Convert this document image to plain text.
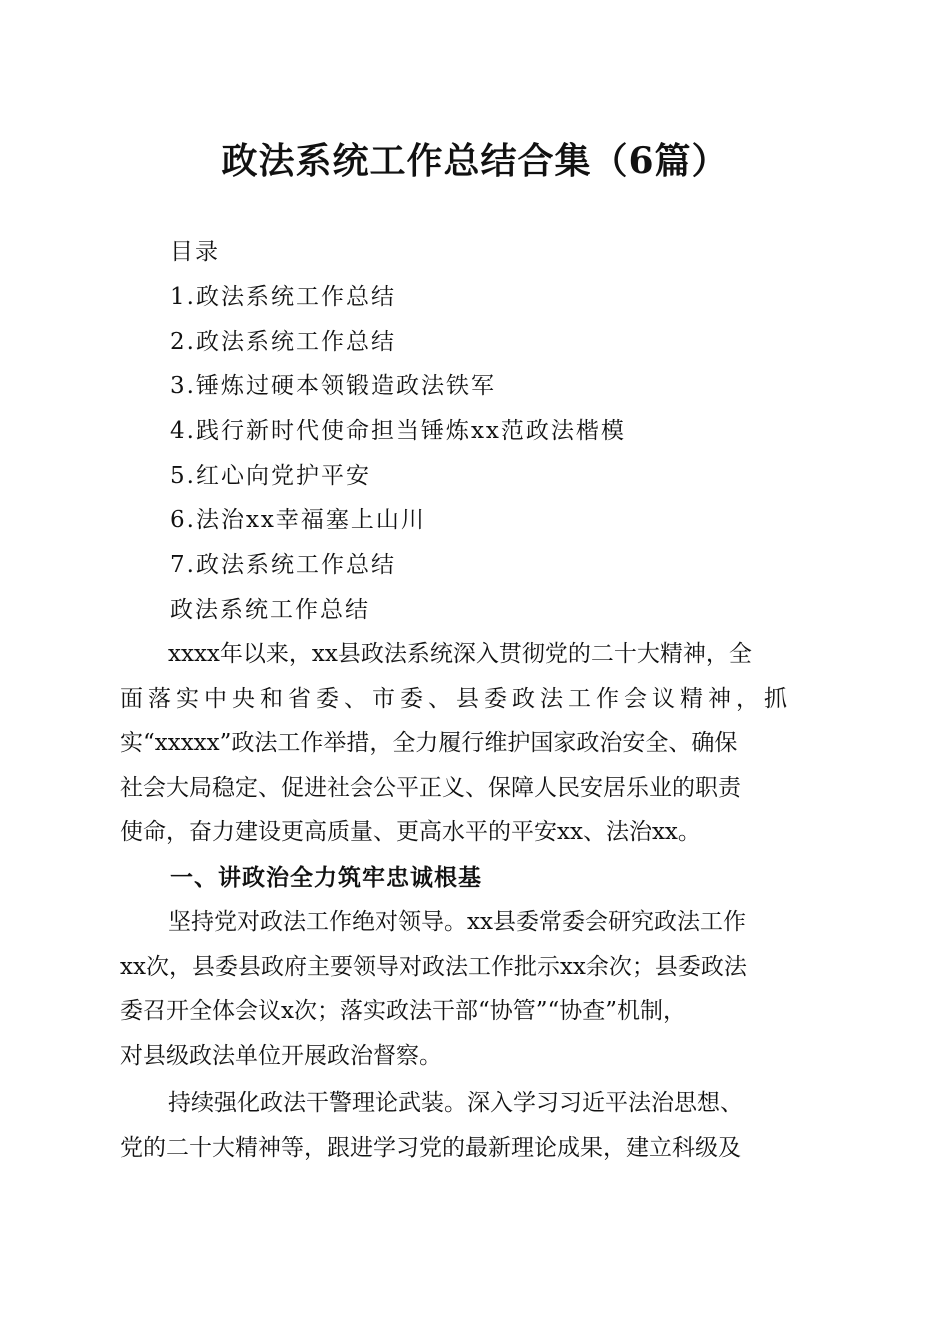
政法系统工作总结合集（6篇）
目录
1.政法系统工作总结
2.政法系统工作总结
3.锤炼过硬本领锻造政法铁军
4.践行新时代使命担当锤炼xx范政法楷模
5.红心向党护平安
6.法治xx幸福塞上山川
7.政法系统工作总结
政法系统工作总结
xxxx年以来，xx县政法系统深入贯彻党的二十大精神，全
面落实中央和省委、市委、县委政法工作会议精神，抓
实“xxxxx”政法工作举措，全力履行维护国家政治安全、确保
社会大局稳定、促进社会公平正义、保障人民安居乐业的职责
使命，奋力建设更高质量、更高水平的平安xx、法治xx。
一、讲政治全力筑牢忠诚根基
坚持党对政法工作绝对领导。xx县委常委会研究政法工作
xx次，县委县政府主要领导对政法工作批示xx余次；县委政法
委召开全体会议x次；落实政法干部“协管”“协查”机制，
对县级政法单位开展政治督察。
持续强化政法干警理论武装。深入学习习近平法治思想、
党的二十大精神等，跟进学习党的最新理论成果，建立科级及
